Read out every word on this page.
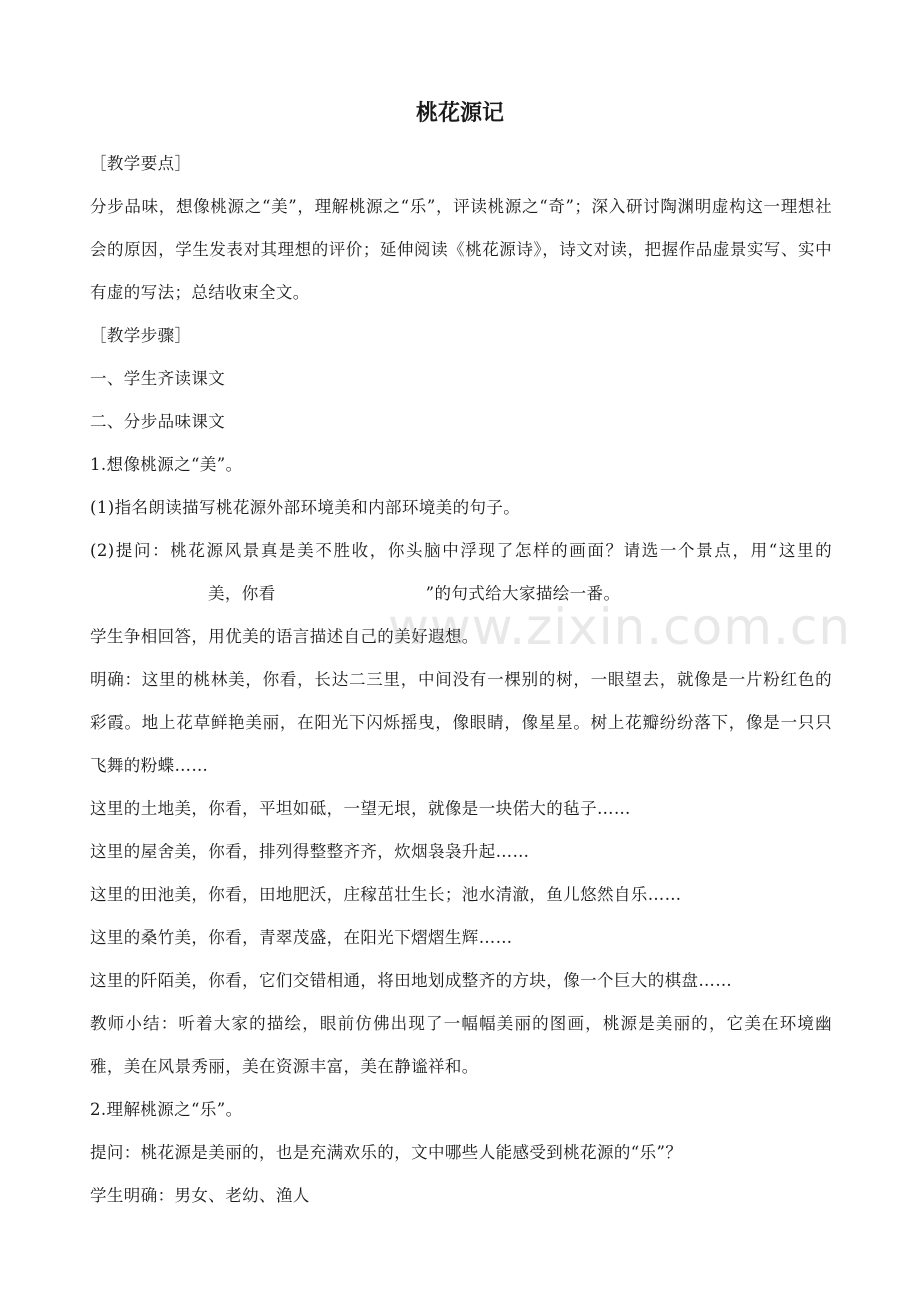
桃花源记

［教学要点］

分步品味，想像桃源之“美”，理解桃源之“乐”，评读桃源之“奇”；深入研讨陶渊明虚构这一理想社会的原因，学生发表对其理想的评价；延伸阅读《桃花源诗》，诗文对读，把握作品虚景实写、实中有虚的写法；总结收束全文。

［教学步骤］

一、学生齐读课文

二、分步品味课文

1.想像桃源之“美”。

(1)指名朗读描写桃花源外部环境美和内部环境美的句子。

(2)提问：桃花源风景真是美不胜收，你头脑中浮现了怎样的画面？请选一个景点，用“这里的美，你看	”的句式给大家描绘一番。

学生争相回答，用优美的语言描述自己的美好遐想。

明确：这里的桃林美，你看，长达二三里，中间没有一棵别的树，一眼望去，就像是一片粉红色的彩霞。地上花草鲜艳美丽，在阳光下闪烁摇曳，像眼睛，像星星。树上花瓣纷纷落下，像是一只只飞舞的粉蝶……

这里的土地美，你看，平坦如砥，一望无垠，就像是一块偌大的毡子……

这里的屋舍美，你看，排列得整整齐齐，炊烟袅袅升起……

这里的田池美，你看，田地肥沃，庄稼茁壮生长；池水清澈，鱼儿悠然自乐……

这里的桑竹美，你看，青翠茂盛，在阳光下熠熠生辉……

这里的阡陌美，你看，它们交错相通，将田地划成整齐的方块，像一个巨大的棋盘……

教师小结：听着大家的描绘，眼前仿佛出现了一幅幅美丽的图画，桃源是美丽的，它美在环境幽雅，美在风景秀丽，美在资源丰富，美在静谧祥和。

2.理解桃源之“乐”。

提问：桃花源是美丽的，也是充满欢乐的，文中哪些人能感受到桃花源的“乐”？

学生明确：男女、老幼、渔人

www.zixin.com.cn
